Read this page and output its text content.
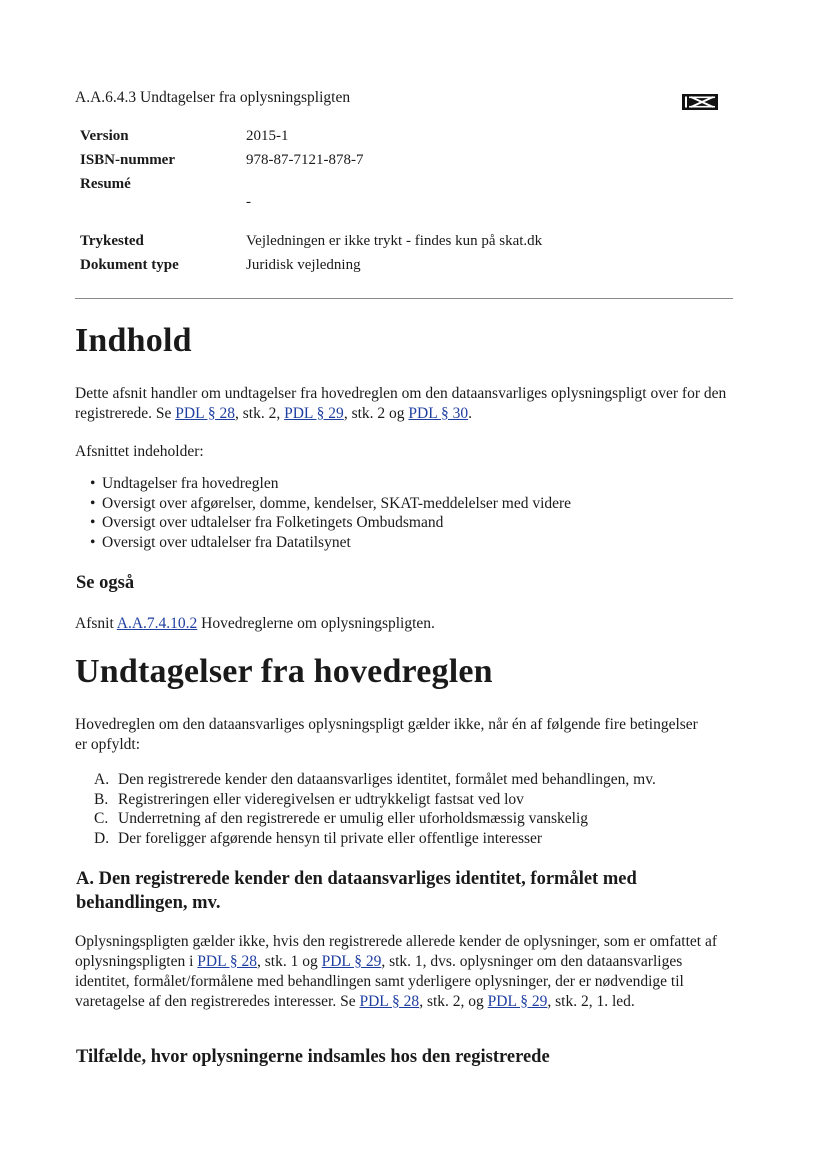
A.A.6.4.3 Undtagelser fra oplysningspligten
Version	2015-1
ISBN-nummer	978-87-7121-878-7
Resumé
-
Trykested	Vejledningen er ikke trykt - findes kun på skat.dk
Dokument type	Juridisk vejledning
Indhold

Dette afsnit handler om undtagelser fra hovedreglen om den dataansvarliges oplysningspligt over for den registrerede. Se PDL § 28, stk. 2, PDL § 29, stk. 2 og PDL § 30.

Afsnittet indeholder:

• Undtagelser fra hovedreglen
• Oversigt over afgørelser, domme, kendelser, SKAT-meddelelser med videre
• Oversigt over udtalelser fra Folketingets Ombudsmand
• Oversigt over udtalelser fra Datatilsynet
Se også

Afsnit A.A.7.4.10.2 Hovedreglerne om oplysningspligten.

Undtagelser fra hovedreglen

Hovedreglen om den dataansvarliges oplysningspligt gælder ikke, når én af følgende fire betingelser er opfyldt:

A. Den registrerede kender den dataansvarliges identitet, formålet med behandlingen, mv.
B. Registreringen eller videregivelsen er udtrykkeligt fastsat ved lov
C. Underretning af den registrerede er umulig eller uforholdsmæssig vanskelig
D. Der foreligger afgørende hensyn til private eller offentlige interesser
A. Den registrerede kender den dataansvarliges identitet, formålet med behandlingen, mv.

Oplysningspligten gælder ikke, hvis den registrerede allerede kender de oplysninger, som er omfattet af oplysningspligten i PDL § 28, stk. 1 og PDL § 29, stk. 1, dvs. oplysninger om den dataansvarliges identitet, formålet/formålene med behandlingen samt yderligere oplysninger, der er nødvendige til varetagelse af den registreredes interesser. Se PDL § 28, stk. 2, og PDL § 29, stk. 2, 1. led.

Tilfælde, hvor oplysningerne indsamles hos den registrerede
